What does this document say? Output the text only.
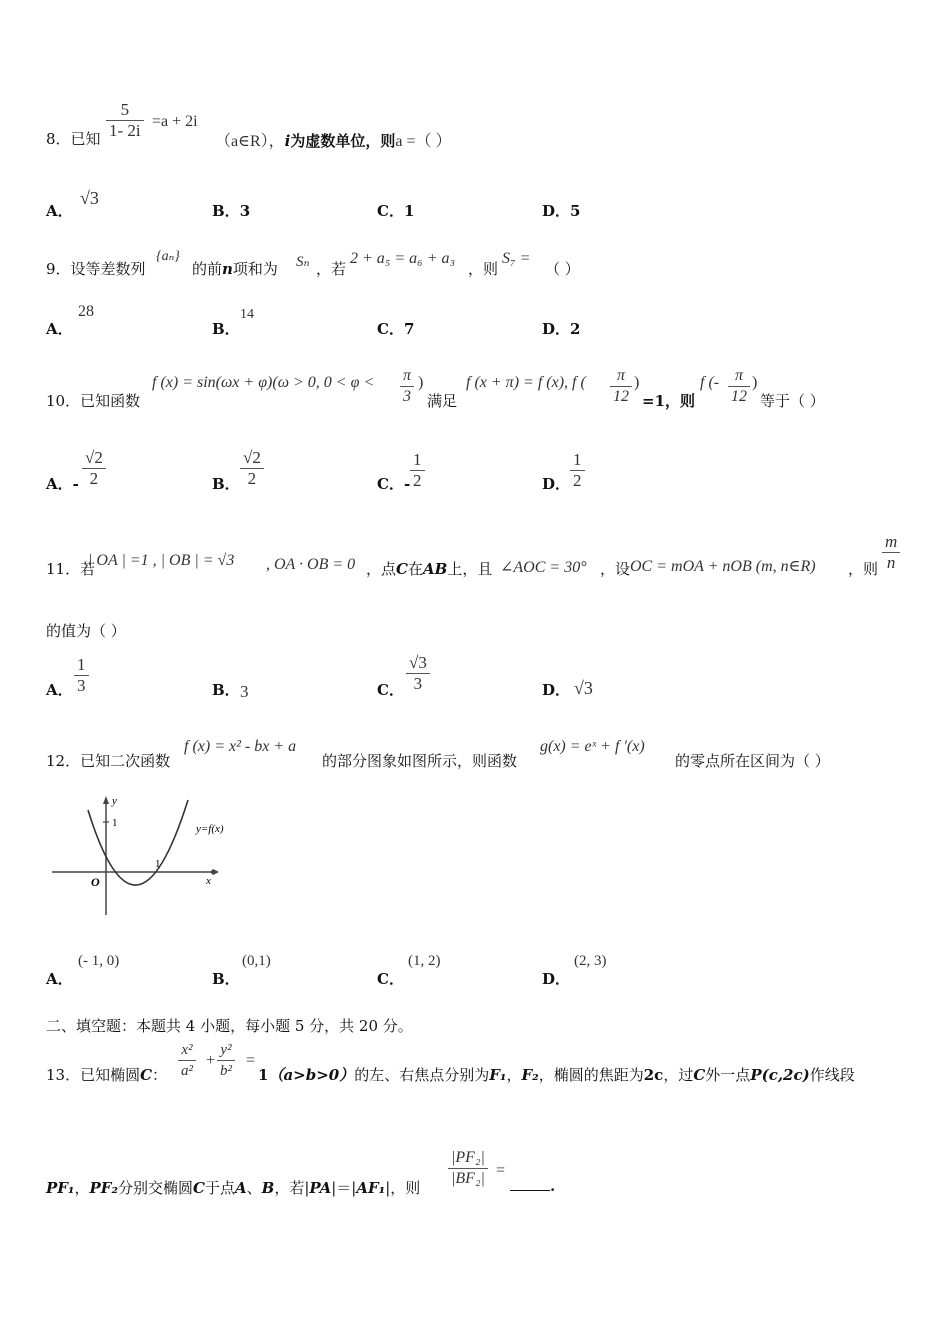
8．已知 $\frac{5}{1- 2i} =a + 2i$
（a∈R），i为虚数单位，则a =（ ）
A．
√3
B．3	C．1	D．5
9．设等差数列
{aₙ}
的前n项和为 Sₙ ，若
2 + a₅ = a₆ + a₃
，则
S₇ =
（ ）
A．
28
B．
14
C．7	D．2
10．已知函数
f (x) = sin(ωx + φ)(ω > 0, $0 < \varphi < \frac{\pi}{3}$ )
满足
f (x + π) = f (x), f ( $\frac{\pi}{12}$ )
=1，则
f (- $\frac{\pi}{12}$ )
等于（ ）
A．- $\frac{√2}{2}$	B． $\frac{√2}{2}$	C．- $\frac{1}{2}$	D． $\frac{1}{2}$
11．若
| OA | =1 , | OB | = √3 , OA · OB = 0 ，点C在AB上，且 ∠AOC = 30° ，设 OC = mOA + nOB (m, n∈R) ，则 $\frac{m}{n}$
的值为（ ）
A． $\frac{1}{3}$	B． 3	C． $\frac{√3}{3}$	D． √3
12．已知二次函数
f (x) = x² - bx + a
的部分图象如图所示，则函数
g(x) = eˣ + f ′(x)
的零点所在区间为（ ）
y
x
O
1
1
y=f(x)
A．
(- 1, 0)
B．
(0,1)
C．
(1, 2)
D．
(2, 3)
二、填空题：本题共 4 小题，每小题 5 分，共 20 分。
13．已知椭圆C： $\frac{\text{x²}}{\text{a²}} + \frac{\text{y²}}{\text{b²}}$ =
1（a>b>0）的左、右焦点分别为F₁，F₂，椭圆的焦距为2c，过C外一点P(c,2c)作线段
PF₁，PF₂分别交椭圆C于点A、B，若|PA|＝|AF₁|，则 $\frac{\text{|PF₂|}}{\text{|BF₂|}}$ =
.
